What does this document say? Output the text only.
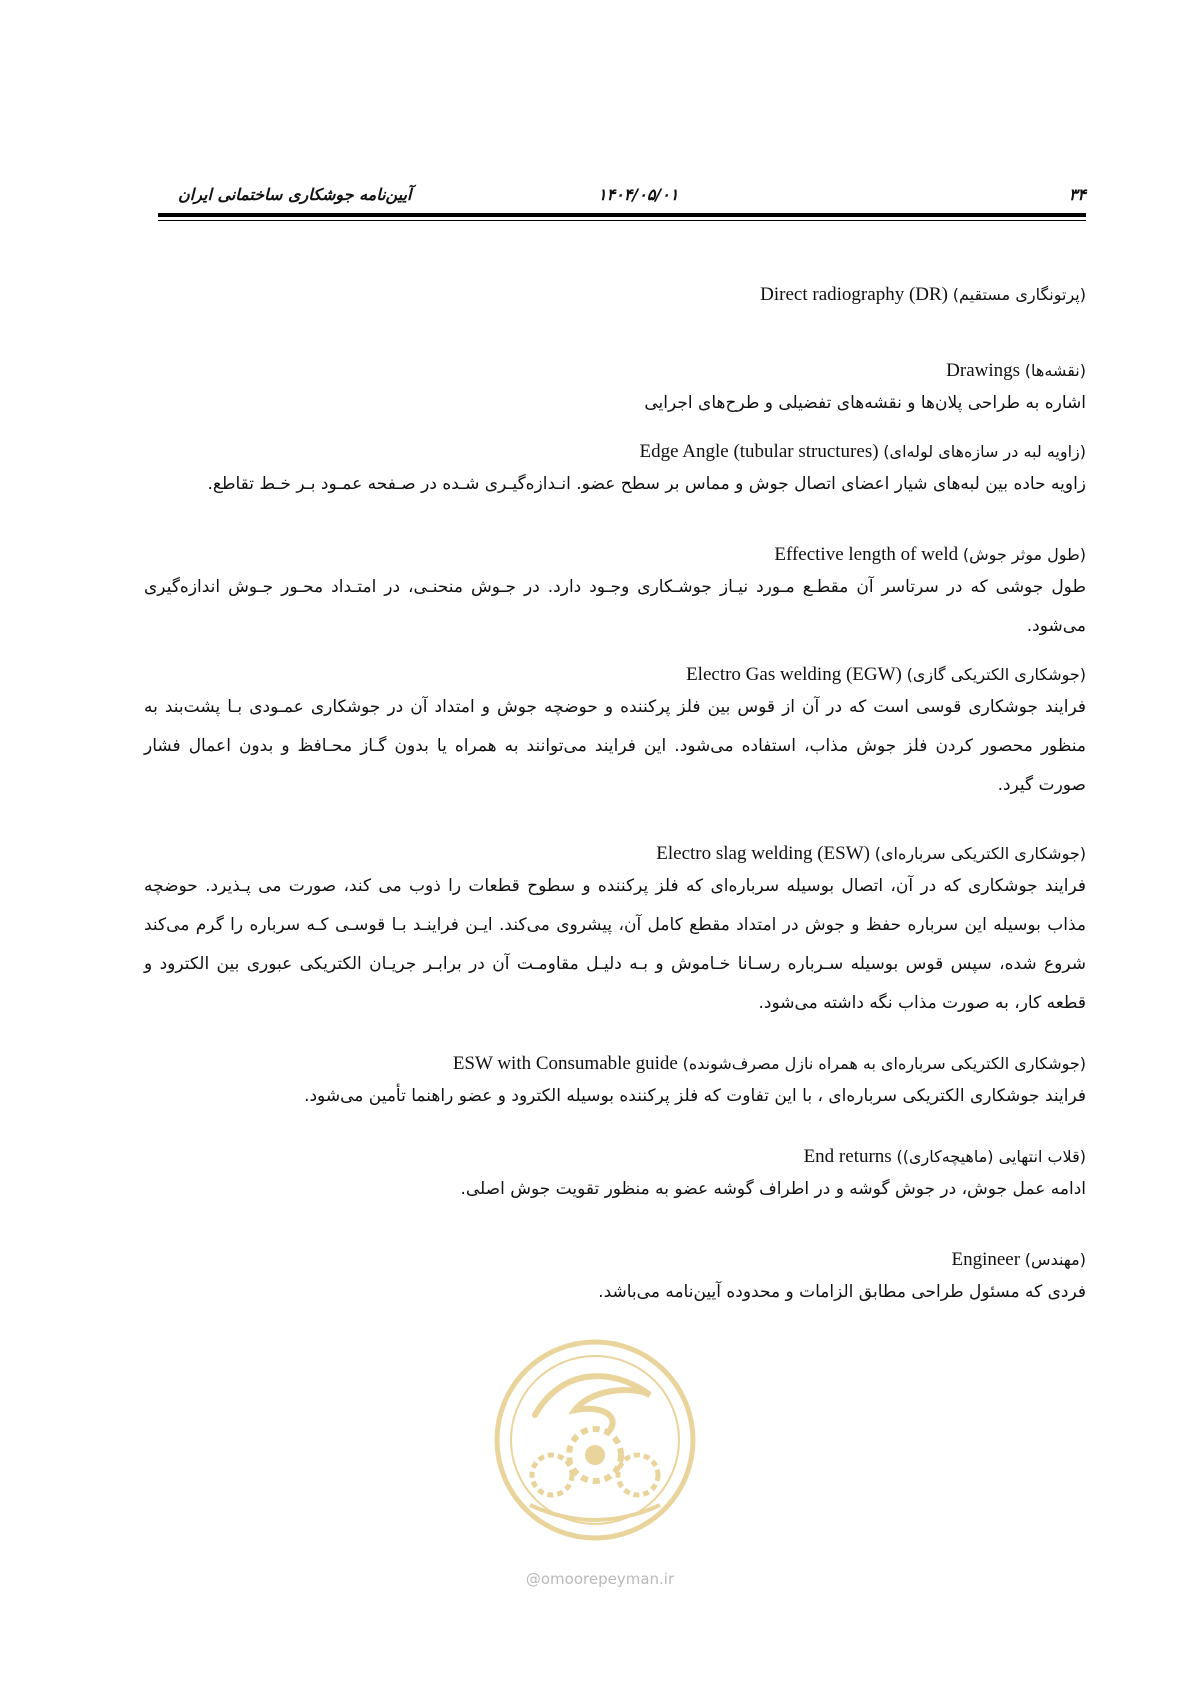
آیین‌نامه جوشکاری ساختمانی ایران	۱۴۰۴/۰۵/۰۱	۳۴

Direct radiography (DR) (پرتونگاری مستقیم)

Drawings (نقشه‌ها)

اشاره به طراحی پلان‌ها و نقشه‌های تفضیلی و طرح‌های اجرایی

Edge Angle (tubular structures) (زاویه لبه در سازه‌های لوله‌ای)

زاویه حاده بین لبه‌های شیار اعضای اتصال جوش و مماس بر سطح عضو. انـدازه‌گیـری شـده در صـفحه عمـود بـر خـط تقاطع.

Effective length of weld (طول موثر جوش)

طول جوشی که در سرتاسر آن مقطـع مـورد نیـاز جوشـکاری وجـود دارد. در جـوش منحنـی، در امتـداد محـور جـوش اندازه‌گیری می‌شود.

Electro Gas welding (EGW) (جوشکاری الکتریکی گازی)

فرایند جوشکاری قوسی است که در آن از قوس بین فلز پرکننده و حوضچه جوش و امتداد آن در جوشکاری عمـودی بـا پشت‌بند به منظور محصور کردن فلز جوش مذاب، استفاده می‌شود. این فرایند می‌توانند به همراه یا بدون گـاز محـافظ و بدون اعمال فشار صورت گیرد.

Electro slag welding (ESW) (جوشکاری الکتریکی سرباره‌ای)

فرایند جوشکاری که در آن، اتصال بوسیله سرباره‌ای که فلز پرکننده و سطوح قطعات را ذوب می کند، صورت می پـذیرد. حوضچه مذاب بوسیله این سرباره حفظ و جوش در امتداد مقطع کامل آن، پیشروی می‌کند. ایـن فراینـد بـا قوسـی کـه سرباره را گرم می‌کند شروع شده، سپس قوس بوسیله سـرباره رسـانا خـاموش و بـه دلیـل مقاومـت آن در برابـر جریـان الکتریکی عبوری بین الکترود و قطعه کار، به صورت مذاب نگه داشته می‌شود.

ESW with Consumable guide (جوشکاری الکتریکی سرباره‌ای به همراه نازل مصرف‌شونده)

فرایند جوشکاری الکتریکی سرباره‌ای ، با این تفاوت که فلز پرکننده بوسیله الکترود و عضو راهنما تأمین می‌شود.

End returns (قلاب انتهایی (ماهیچه‌کاری))

ادامه عمل جوش، در جوش گوشه و در اطراف گوشه عضو به منظور تقویت جوش اصلی.

Engineer (مهندس)

فردی که مسئول طراحی مطابق الزامات و محدوده آیین‌نامه می‌باشد.

@omoorepeyman.ir
